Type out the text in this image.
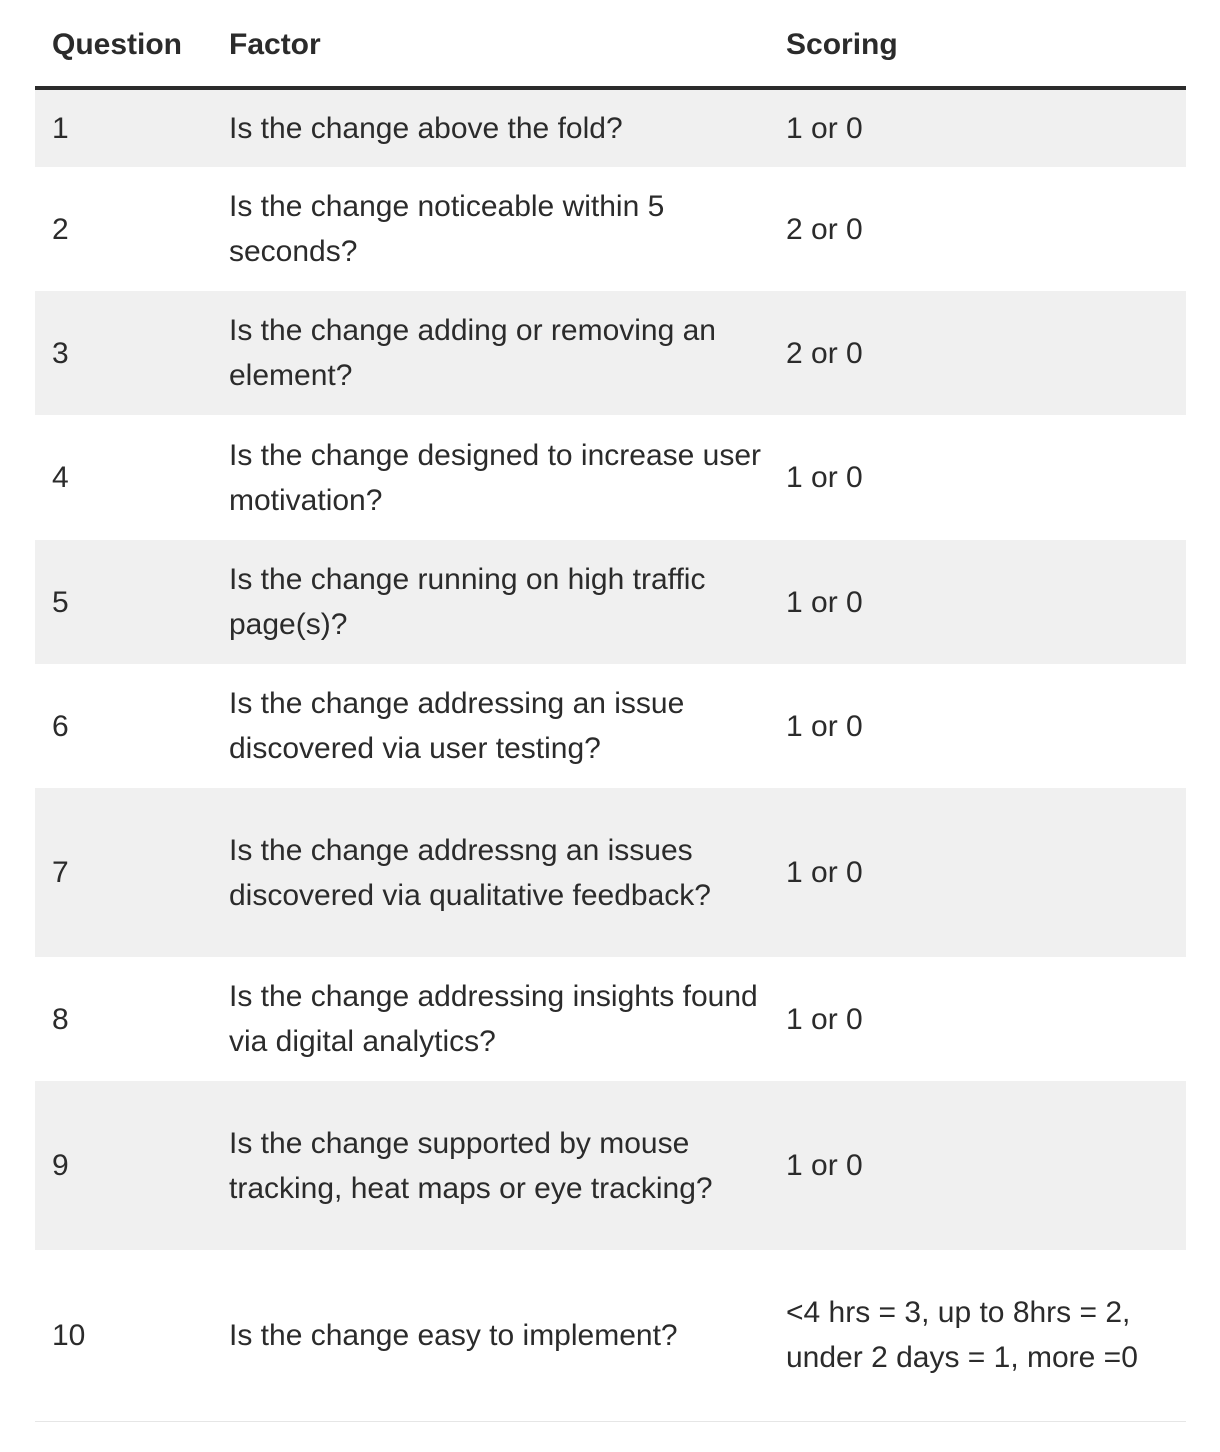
Question	Factor	Scoring
1	Is the change above the fold?	1 or 0
2	Is the change noticeable within 5 seconds?	2 or 0
3	Is the change adding or removing an element?	2 or 0
4	Is the change designed to increase user motivation?	1 or 0
5	Is the change running on high traffic page(s)?	1 or 0
6	Is the change addressing an issue discovered via user testing?	1 or 0
7	Is the change addressng an issues discovered via qualitative feedback?	1 or 0
8	Is the change addressing insights found via digital analytics?	1 or 0
9	Is the change supported by mouse tracking, heat maps or eye tracking?	1 or 0
10	Is the change easy to implement?	<4 hrs = 3, up to 8hrs = 2, under 2 days = 1, more =0
